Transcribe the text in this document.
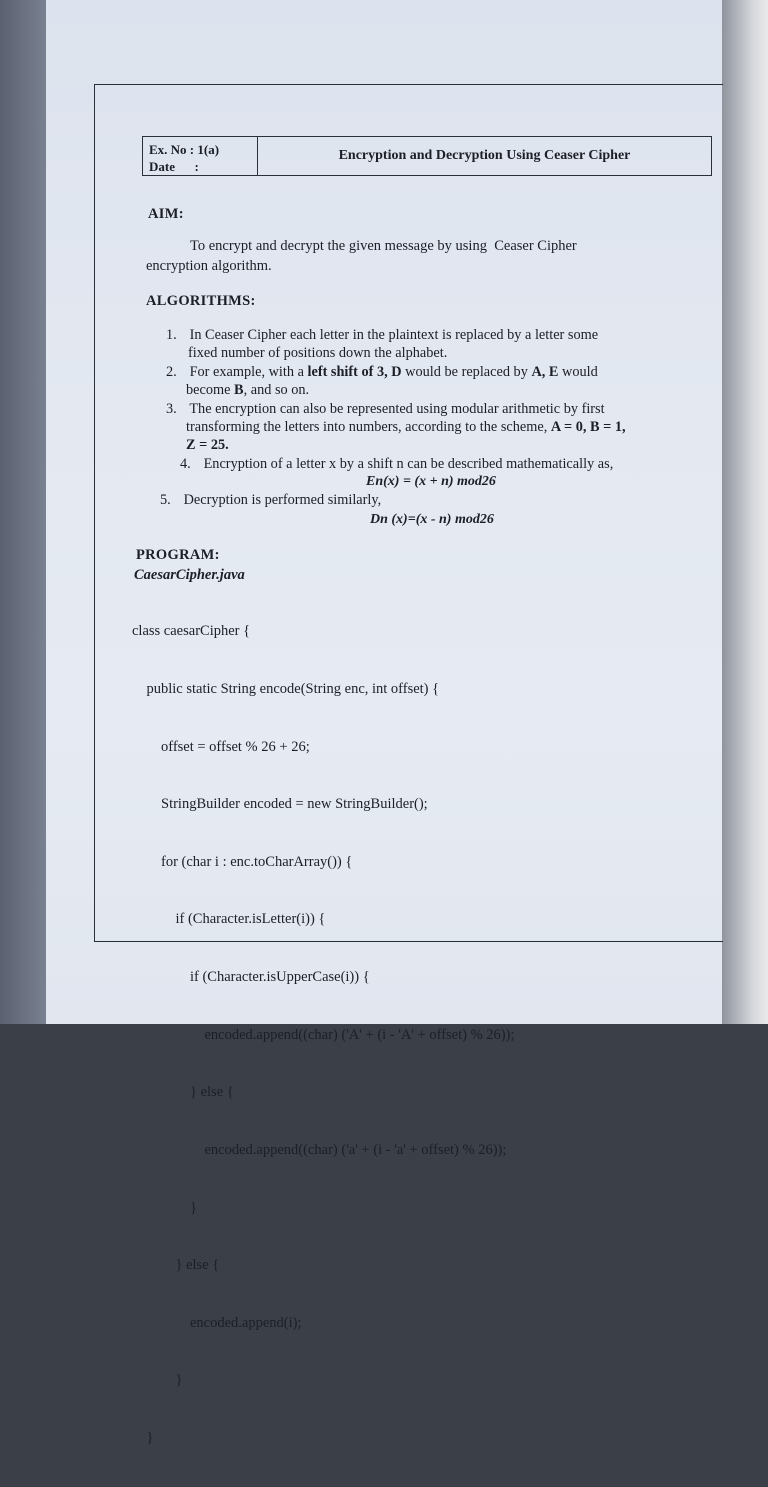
Ex. No : 1(a)
Date      :
Encryption and Decryption Using Ceaser Cipher
AIM:
To encrypt and decrypt the given message by using  Ceaser Cipher
encryption algorithm.
ALGORITHMS:
1. In Ceaser Cipher each letter in the plaintext is replaced by a letter some
fixed number of positions down the alphabet.
2. For example, with a left shift of 3, D would be replaced by A, E would
become B, and so on.
3. The encryption can also be represented using modular arithmetic by first
transforming the letters into numbers, according to the scheme, A = 0, B = 1,
Z = 25.
4. Encryption of a letter x by a shift n can be described mathematically as,
En(x) = (x + n) mod26
5. Decryption is performed similarly,
Dn (x)=(x - n) mod26
PROGRAM:
CaesarCipher.java

class caesarCipher {

public static String encode(String enc, int offset) {

offset = offset % 26 + 26;

StringBuilder encoded = new StringBuilder();

for (char i : enc.toCharArray()) {

if (Character.isLetter(i)) {

if (Character.isUpperCase(i)) {

encoded.append((char) ('A' + (i - 'A' + offset) % 26));

} else {

encoded.append((char) ('a' + (i - 'a' + offset) % 26));

}

} else {

encoded.append(i);

}

}
